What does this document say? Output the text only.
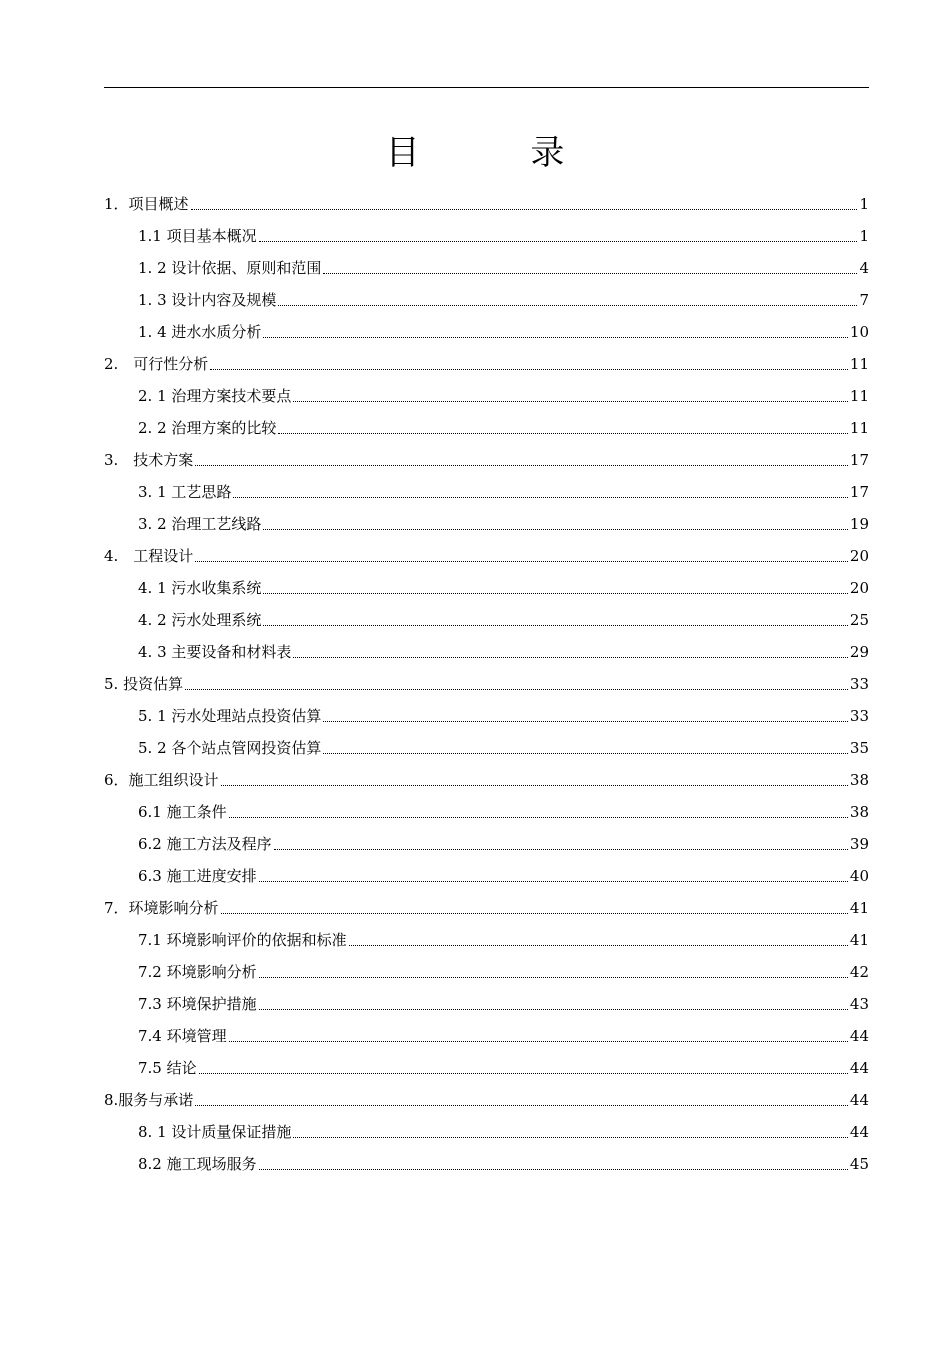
目 录
1．项目概述	1
1.1 项目基本概况	1
1. 2 设计依据、原则和范围	4
1. 3 设计内容及规模	7
1. 4 进水水质分析	10
2.　可行性分析	11
2. 1 治理方案技术要点	11
2. 2 治理方案的比较	11
3.　技术方案	17
3. 1 工艺思路	17
3. 2 治理工艺线路	19
4.　工程设计	20
4. 1 污水收集系统	20
4. 2 污水处理系统	25
4. 3 主要设备和材料表	29
5. 投资估算	33
5. 1 污水处理站点投资估算	33
5. 2 各个站点管网投资估算	35
6．施工组织设计	38
6.1 施工条件	38
6.2 施工方法及程序	39
6.3 施工进度安排	40
7．环境影响分析	41
7.1 环境影响评价的依据和标准	41
7.2 环境影响分析	42
7.3 环境保护措施	43
7.4 环境管理	44
7.5 结论	44
8.服务与承诺	44
8. 1 设计质量保证措施	44
8.2 施工现场服务	45
